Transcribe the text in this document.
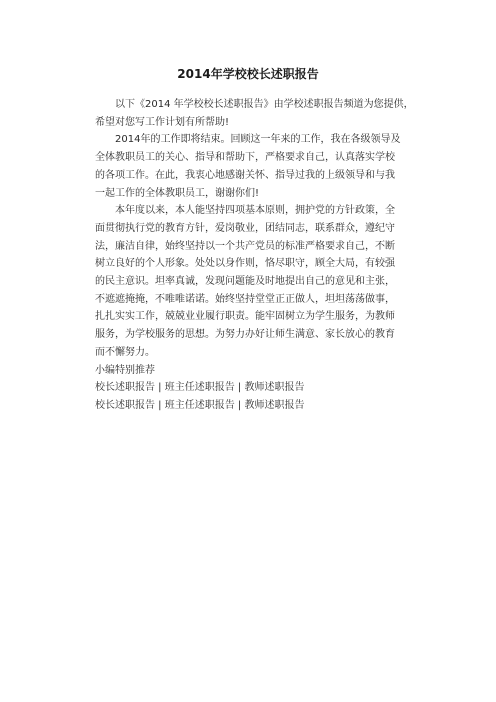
2014年学校校长述职报告
以下《2014 年学校校长述职报告》由学校述职报告频道为您提供，
希望对您写工作计划有所帮助!
2014年的工作即将结束。回顾这一年来的工作，我在各级领导及
全体教职员工的关心、指导和帮助下，严格要求自己，认真落实学校
的各项工作。在此，我衷心地感谢关怀、指导过我的上级领导和与我
一起工作的全体教职员工，谢谢你们!
本年度以来，本人能坚持四项基本原则，拥护党的方针政策，全
面贯彻执行党的教育方针，爱岗敬业，团结同志，联系群众，遵纪守
法，廉洁自律，始终坚持以一个共产党员的标准严格要求自己，不断
树立良好的个人形象。处处以身作则，恪尽职守，顾全大局，有较强
的民主意识。坦率真诚，发现问题能及时地提出自己的意见和主张，
不遮遮掩掩，不唯唯诺诺。始终坚持堂堂正正做人，坦坦荡荡做事，
扎扎实实工作，兢兢业业履行职责。能牢固树立为学生服务，为教师
服务，为学校服务的思想。为努力办好让师生满意、家长放心的教育
而不懈努力。

小编特别推荐

校长述职报告 | 班主任述职报告 | 教师述职报告

校长述职报告 | 班主任述职报告 | 教师述职报告
